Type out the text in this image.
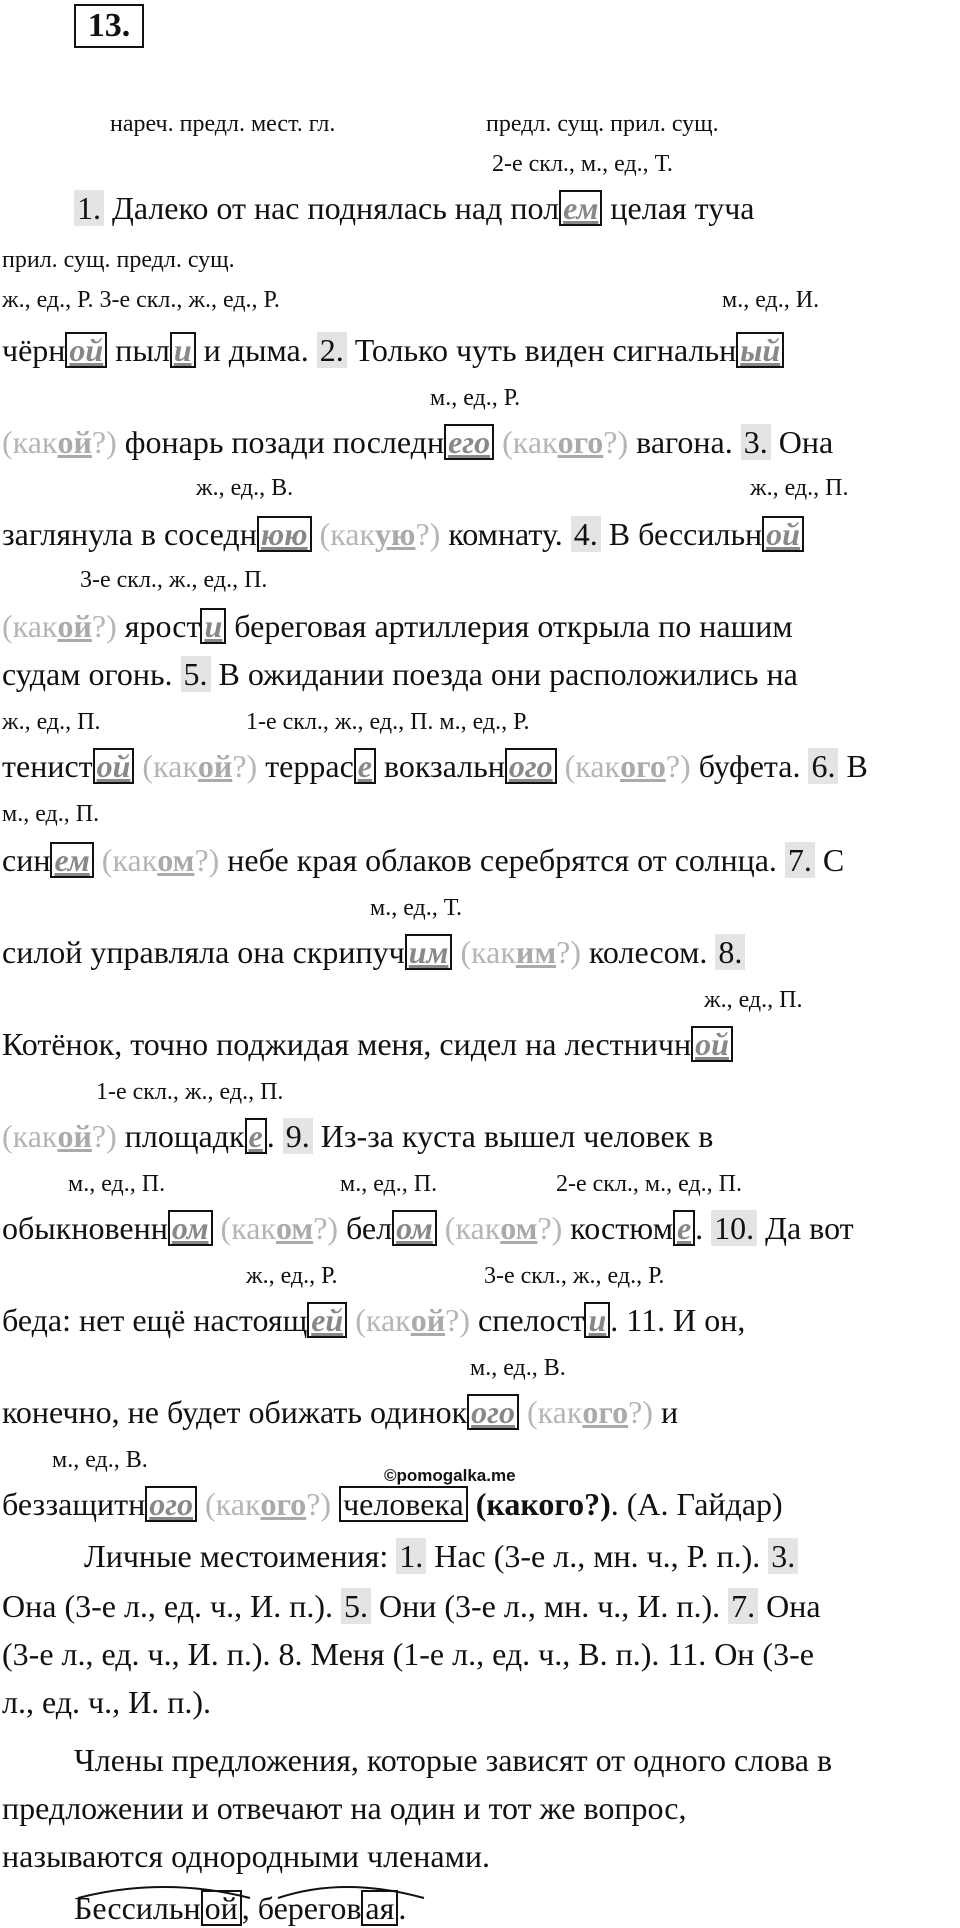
13.
нареч. предл. мест. гл.	предл. сущ. прил. сущ.
2-е скл., м., ед., Т.
1. Далеко от нас поднялась над пол ем целая туча
прил. сущ. предл. сущ.
ж., ед., Р. 3-е скл., ж., ед., Р.	м., ед., И.
чёрн ой пыл и и дыма. 2. Только чуть виден сигнальн ый
м., ед., Р.
(какой?) фонарь позади последн его (какого?) вагона. 3. Она
ж., ед., В.	ж., ед., П.
заглянула в соседн юю (какую?) комнату. 4. В бессильн ой
3-е скл., ж., ед., П.
(какой?) ярост и береговая артиллерия открыла по нашим
судам огонь. 5. В ожидании поезда они расположились на
ж., ед., П.	1-е скл., ж., ед., П. м., ед., Р.
тенист ой (какой?) террас е вокзальн ого (какого?) буфета. 6. В
м., ед., П.
син ем (каком?) небе края облаков серебрятся от солнца. 7. С
м., ед., Т.
силой управляла она скрипуч им (каким?) колесом. 8.
ж., ед., П.
Котёнок, точно поджидая меня, сидел на лестничн ой
1-е скл., ж., ед., П.
(какой?) площадк е . 9. Из-за куста вышел человек в
м., ед., П.	м., ед., П.	2-е скл., м., ед., П.
обыкновенн ом (каком?) бел ом (каком?) костюм е . 10. Да вот
ж., ед., Р.	3-е скл., ж., ед., Р.
беда: нет ещё настоящ ей (какой?) спелост и . 11. И он,
м., ед., В.
конечно, не будет обижать одинок ого (какого?) и
м., ед., В.
©pomogalka.me
беззащитн ого (какого?) человека (какого?). (А. Гайдар)
Личные местоимения: 1. Нас (3-е л., мн. ч., Р. п.). 3.
Она (3-е л., ед. ч., И. п.). 5. Они (3-е л., мн. ч., И. п.). 7. Она
(3-е л., ед. ч., И. п.). 8. Меня (1-е л., ед. ч., В. п.). 11. Он (3-е
л., ед. ч., И. п.).
Члены предложения, которые зависят от одного слова в
предложении и отвечают на один и тот же вопрос,
называются однородными членами.
Бессильн ой , берегов ая .
